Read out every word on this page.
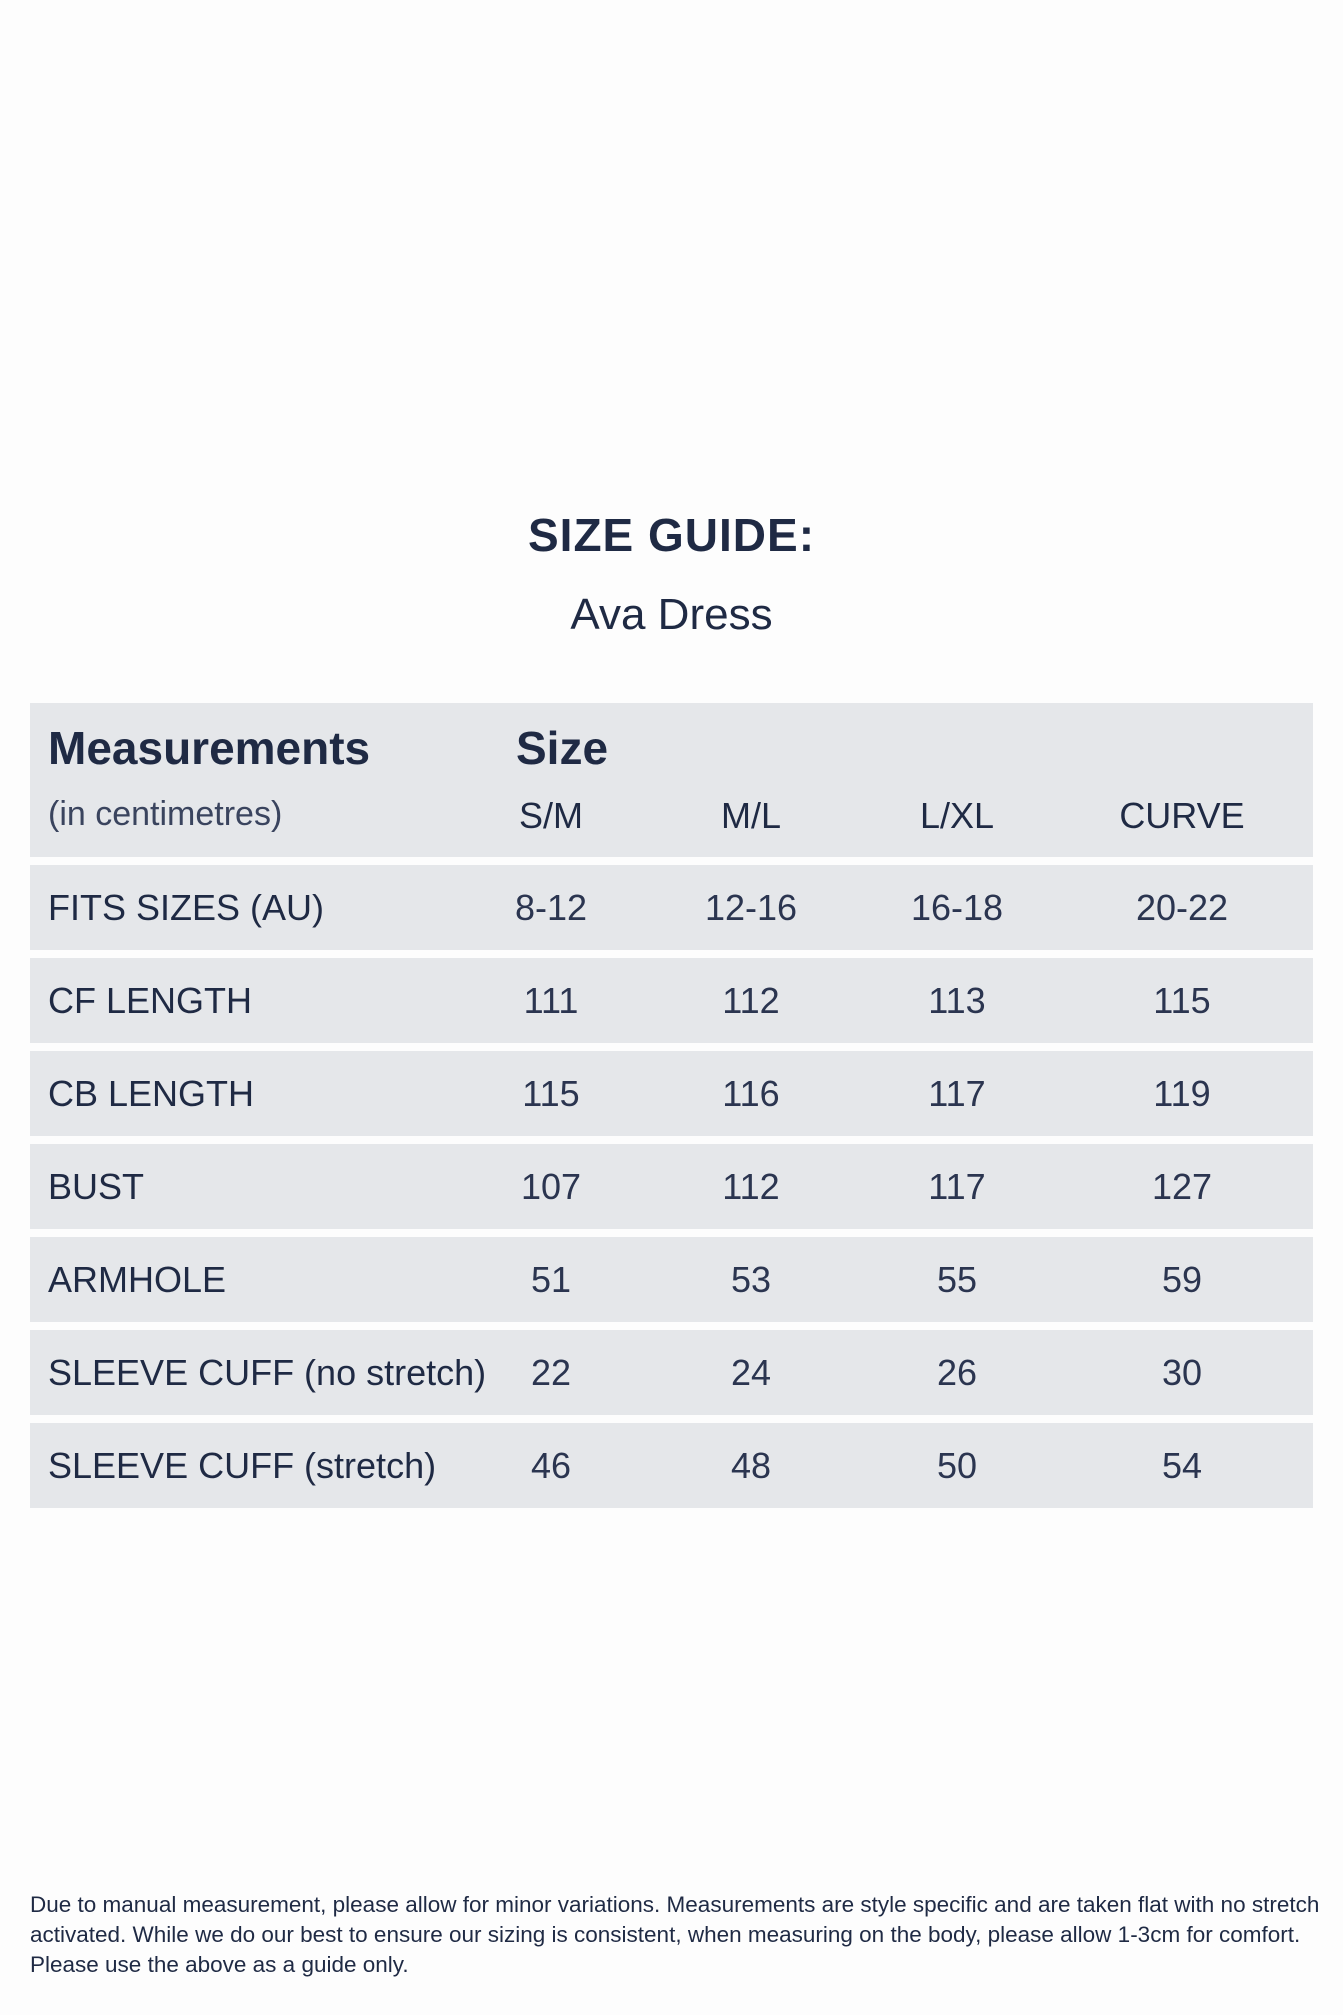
SIZE GUIDE:
Ava Dress
Measurements
(in centimetres)
Size
S/M	M/L	L/XL	CURVE
FITS SIZES (AU)	8-12	12-16	16-18	20-22
CF LENGTH	111	112	113	115
CB LENGTH	115	116	117	119
BUST	107	112	117	127
ARMHOLE	51	53	55	59
SLEEVE CUFF (no stretch) 22	24	26	30
SLEEVE CUFF (stretch)	46	48	50	54
Due to manual measurement, please allow for minor variations. Measurements are style specific and are taken flat with no stretch activated. While we do our best to ensure our sizing is consistent, when measuring on the body, please allow 1-3cm for comfort. Please use the above as a guide only.
